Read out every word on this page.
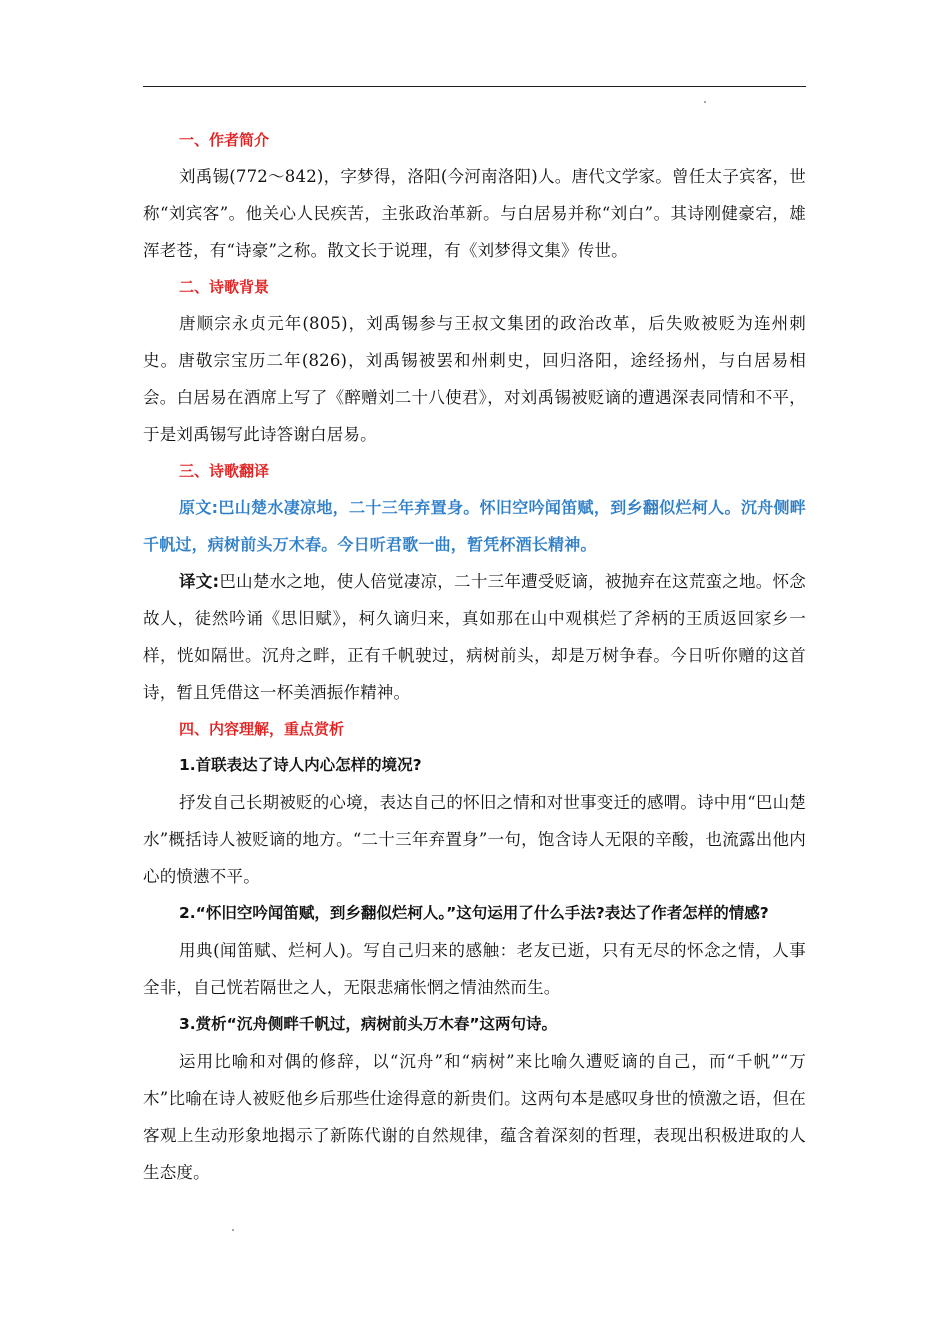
一、作者简介

刘禹锡(772～842)，字梦得，洛阳(今河南洛阳)人。唐代文学家。曾任太子宾客，世称“刘宾客”。他关心人民疾苦，主张政治革新。与白居易并称“刘白”。其诗刚健豪宕，雄浑老苍，有“诗豪”之称。散文长于说理，有《刘梦得文集》传世。

二、诗歌背景

唐顺宗永贞元年(805)，刘禹锡参与王叔文集团的政治改革，后失败被贬为连州刺史。唐敬宗宝历二年(826)，刘禹锡被罢和州刺史，回归洛阳，途经扬州，与白居易相会。白居易在酒席上写了《醉赠刘二十八使君》，对刘禹锡被贬谪的遭遇深表同情和不平，于是刘禹锡写此诗答谢白居易。

三、诗歌翻译

原文:巴山楚水凄凉地，二十三年弃置身。怀旧空吟闻笛赋，到乡翻似烂柯人。沉舟侧畔千帆过，病树前头万木春。今日听君歌一曲，暂凭杯酒长精神。

译文:巴山楚水之地，使人倍觉凄凉，二十三年遭受贬谪，被抛弃在这荒蛮之地。怀念故人，徒然吟诵《思旧赋》，柯久谪归来，真如那在山中观棋烂了斧柄的王质返回家乡一样，恍如隔世。沉舟之畔，正有千帆驶过，病树前头，却是万树争春。今日听你赠的这首诗，暂且凭借这一杯美酒振作精神。

四、内容理解，重点赏析

1.首联表达了诗人内心怎样的境况?

抒发自己长期被贬的心境，表达自己的怀旧之情和对世事变迁的感喟。诗中用“巴山楚水”概括诗人被贬谪的地方。“二十三年弃置身”一句，饱含诗人无限的辛酸，也流露出他内心的愤懑不平。

2.“怀旧空吟闻笛赋，到乡翻似烂柯人。”这句运用了什么手法?表达了作者怎样的情感?

用典(闻笛赋、烂柯人)。写自己归来的感触：老友已逝，只有无尽的怀念之情，人事全非，自己恍若隔世之人，无限悲痛怅惘之情油然而生。

3.赏析“沉舟侧畔千帆过，病树前头万木春”这两句诗。

运用比喻和对偶的修辞，以“沉舟”和“病树”来比喻久遭贬谪的自己，而“千帆”“万木”比喻在诗人被贬他乡后那些仕途得意的新贵们。这两句本是感叹身世的愤激之语，但在客观上生动形象地揭示了新陈代谢的自然规律，蕴含着深刻的哲理，表现出积极进取的人生态度。
